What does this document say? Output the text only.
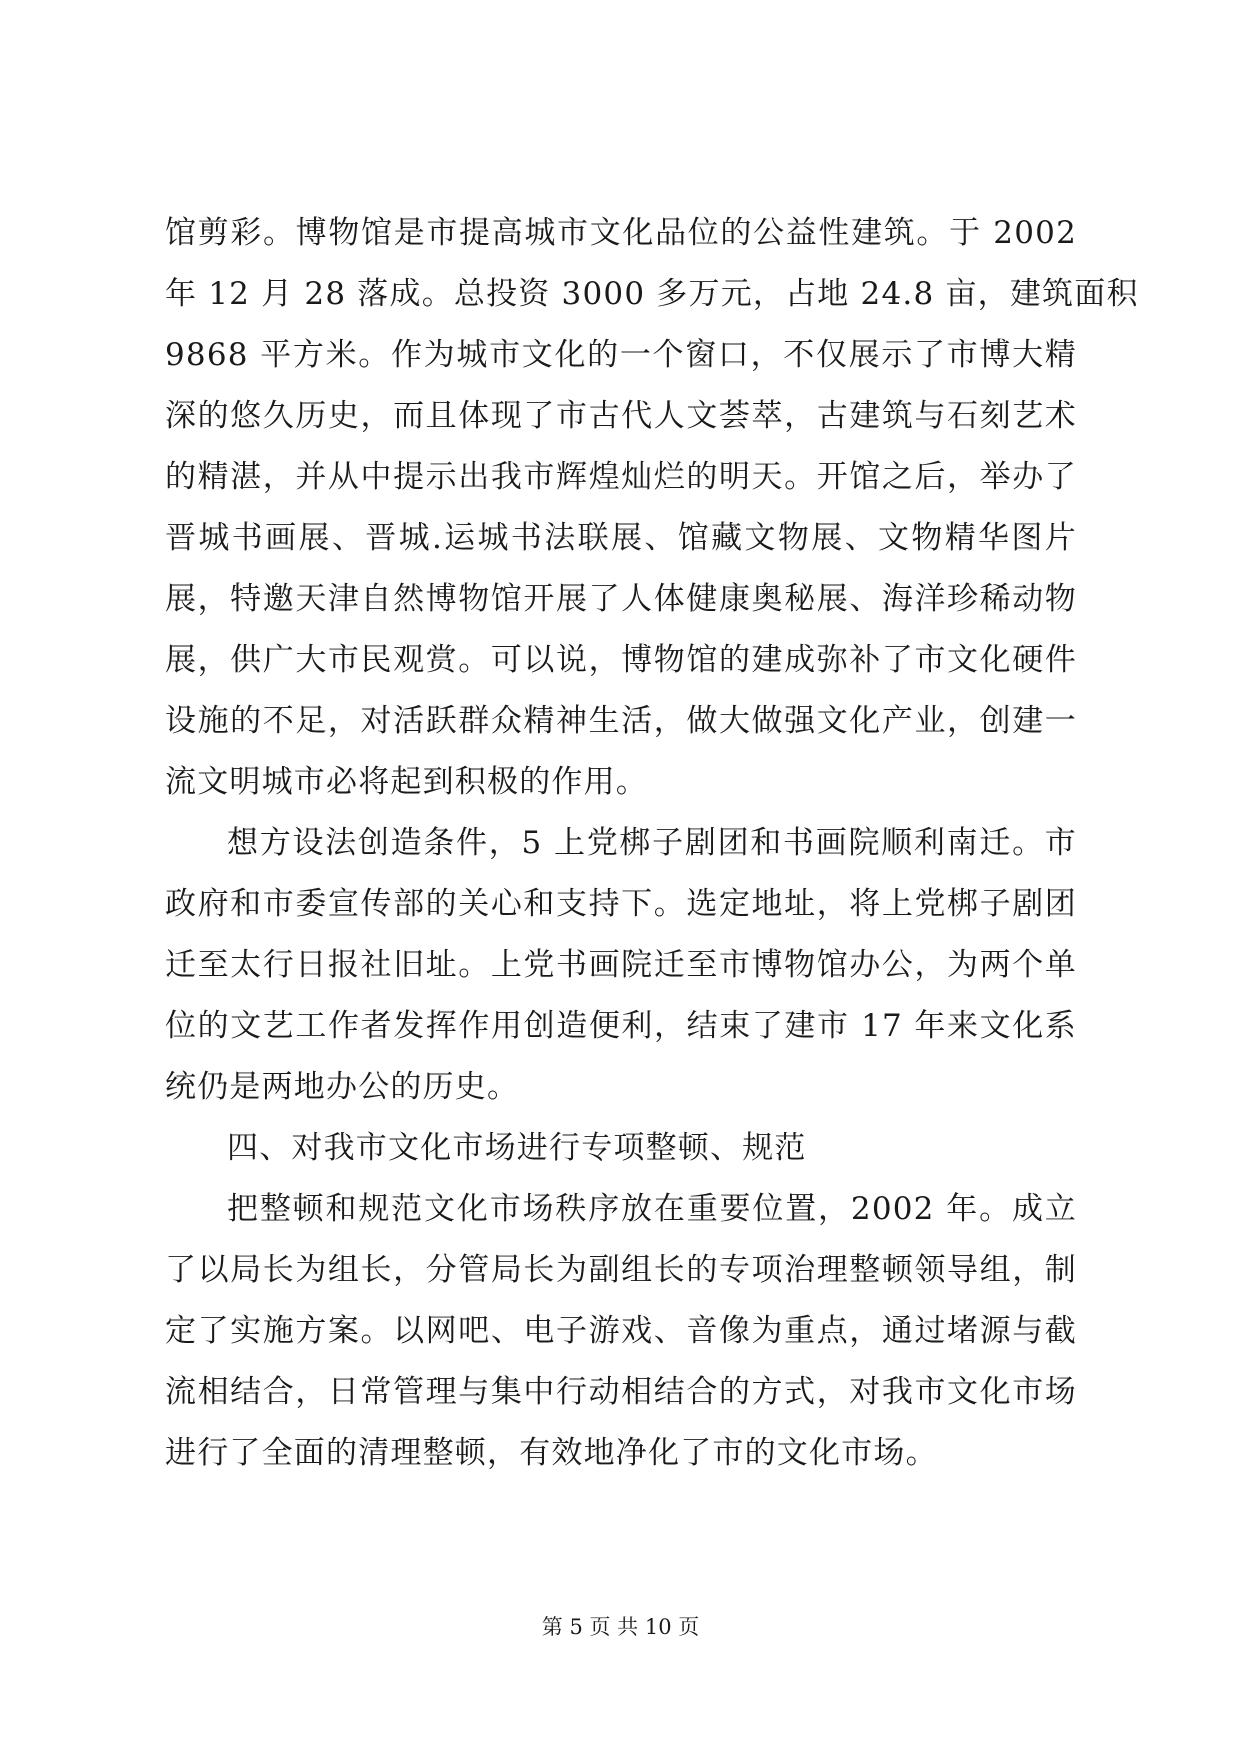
馆剪彩。博物馆是市提高城市文化品位的公益性建筑。于 2002
年 12 月 28 落成。总投资 3000 多万元，占地 24.8 亩，建筑面积
9868 平方米。作为城市文化的一个窗口，不仅展示了市博大精
深的悠久历史，而且体现了市古代人文荟萃，古建筑与石刻艺术
的精湛，并从中提示出我市辉煌灿烂的明天。开馆之后，举办了
晋城书画展、晋城.运城书法联展、馆藏文物展、文物精华图片
展，特邀天津自然博物馆开展了人体健康奥秘展、海洋珍稀动物
展，供广大市民观赏。可以说，博物馆的建成弥补了市文化硬件
设施的不足，对活跃群众精神生活，做大做强文化产业，创建一
流文明城市必将起到积极的作用。
想方设法创造条件，5 上党梆子剧团和书画院顺利南迁。市
政府和市委宣传部的关心和支持下。选定地址，将上党梆子剧团
迁至太行日报社旧址。上党书画院迁至市博物馆办公，为两个单
位的文艺工作者发挥作用创造便利，结束了建市 17 年来文化系
统仍是两地办公的历史。
四、对我市文化市场进行专项整顿、规范
把整顿和规范文化市场秩序放在重要位置，2002 年。成立
了以局长为组长，分管局长为副组长的专项治理整顿领导组，制
定了实施方案。以网吧、电子游戏、音像为重点，通过堵源与截
流相结合，日常管理与集中行动相结合的方式，对我市文化市场
进行了全面的清理整顿，有效地净化了市的文化市场。
第 5 页 共 10 页
